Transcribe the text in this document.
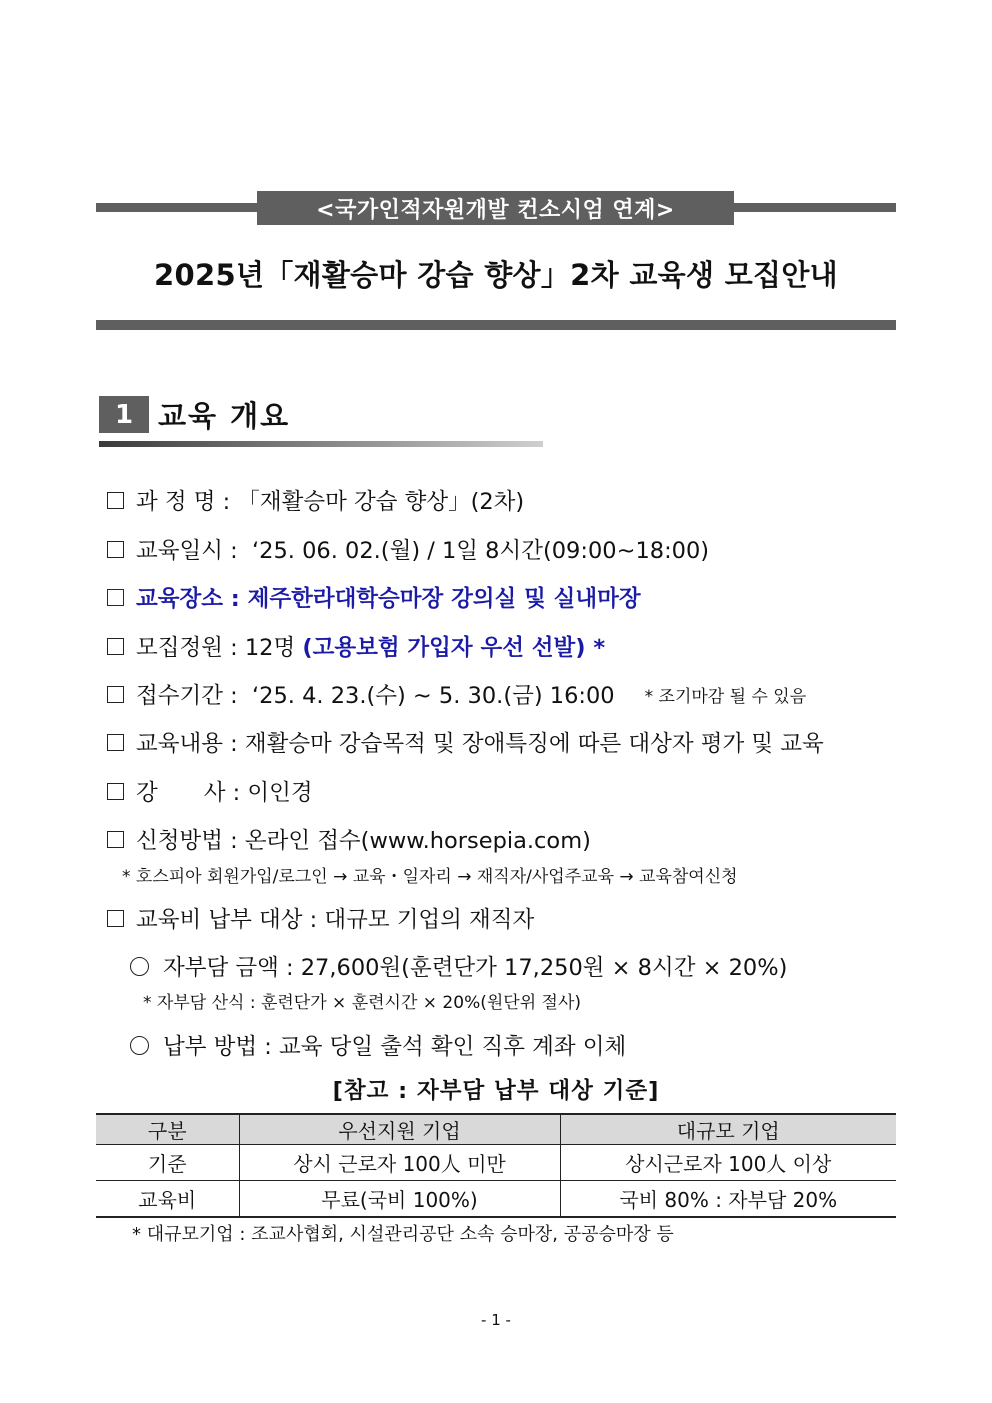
<국가인적자원개발 컨소시엄 연계>
2025년「재활승마 강습 향상」2차 교육생 모집안내
1 교육 개요
과 정 명 :
「재활승마 강습 향상」(2차)
교육일시 :
‘25. 06. 02.(월) / 1일 8시간(09:00~18:00)
교육장소 :
제주한라대학승마장 강의실 및 실내마장
모집정원 :
12명
(고용보험 가입자 우선 선발) *
접수기간 :
‘25. 4. 23.(수) ~ 5. 30.(금) 16:00 * 조기마감 될 수 있음
교육내용 :
재활승마 강습목적 및 장애특징에 따른 대상자 평가 및 교육
강 사 :
이인경
신청방법 :
온라인 접수(www.horsepia.com)
* 호스피아 회원가입/로그인 → 교육・일자리 → 재직자/사업주교육 → 교육참여신청
교육비 납부 대상 :
대규모 기업의 재직자
자부담 금액 :
27,600원(훈련단가 17,250원 × 8시간 × 20%)
* 자부담 산식 : 훈련단가 × 훈련시간 × 20%(원단위 절사)
납부 방법 :
교육 당일 출석 확인 직후 계좌 이체
[참고 : 자부담 납부 대상 기준]
구분	우선지원 기업	대규모 기업
기준	상시 근로자 100人 미만	상시근로자 100人 이상
교육비	무료(국비 100%)	국비 80% : 자부담 20%
* 대규모기업 : 조교사협회, 시설관리공단 소속 승마장, 공공승마장 등
- 1 -
